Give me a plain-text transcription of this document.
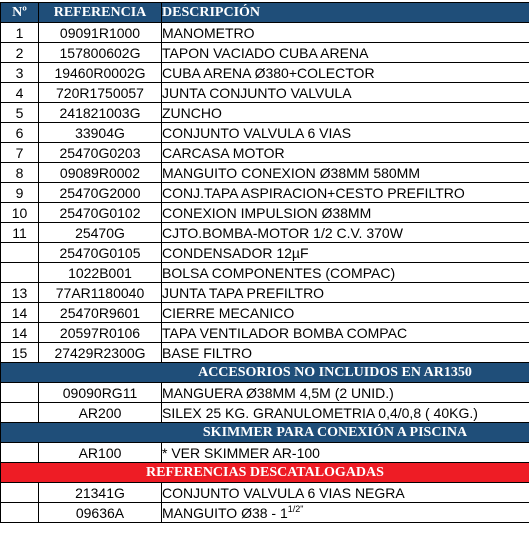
Nº	REFERENCIA	DESCRIPCIÓN
1	09091R1000	MANOMETRO
2	157800602G	TAPON VACIADO CUBA ARENA
3	19460R0002G	CUBA ARENA Ø380+COLECTOR
4	720R1750057	JUNTA CONJUNTO VALVULA
5	241821003G	ZUNCHO
6	33904G	CONJUNTO VALVULA 6 VIAS
7	25470G0203	CARCASA MOTOR
8	09089R0002	MANGUITO CONEXION Ø38MM 580MM
9	25470G2000	CONJ.TAPA ASPIRACION+CESTO PREFILTRO
10	25470G0102	CONEXION IMPULSION Ø38MM
11	25470G	CJTO.BOMBA-MOTOR 1/2 C.V. 370W
	25470G0105	CONDENSADOR 12µF
	1022B001	BOLSA COMPONENTES (COMPAC)
13	77AR1180040	JUNTA TAPA PREFILTRO
14	25470R9601	CIERRE MECANICO
14	20597R0106	TAPA VENTILADOR BOMBA COMPAC
15	27429R2300G	BASE FILTRO
ACCESORIOS NO INCLUIDOS EN AR1350		
	09090RG11	MANGUERA Ø38MM 4,5M (2 UNID.)
	AR200	SILEX 25 KG. GRANULOMETRIA 0,4/0,8 ( 40KG.)
SKIMMER PARA CONEXIÓN A PISCINA		
	AR100	* VER SKIMMER AR-100
REFERENCIAS DESCATALOGADAS		
	21341G	CONJUNTO VALVULA 6 VIAS NEGRA
	09636A	MANGUITO Ø38 - $1^{1/2"}$
